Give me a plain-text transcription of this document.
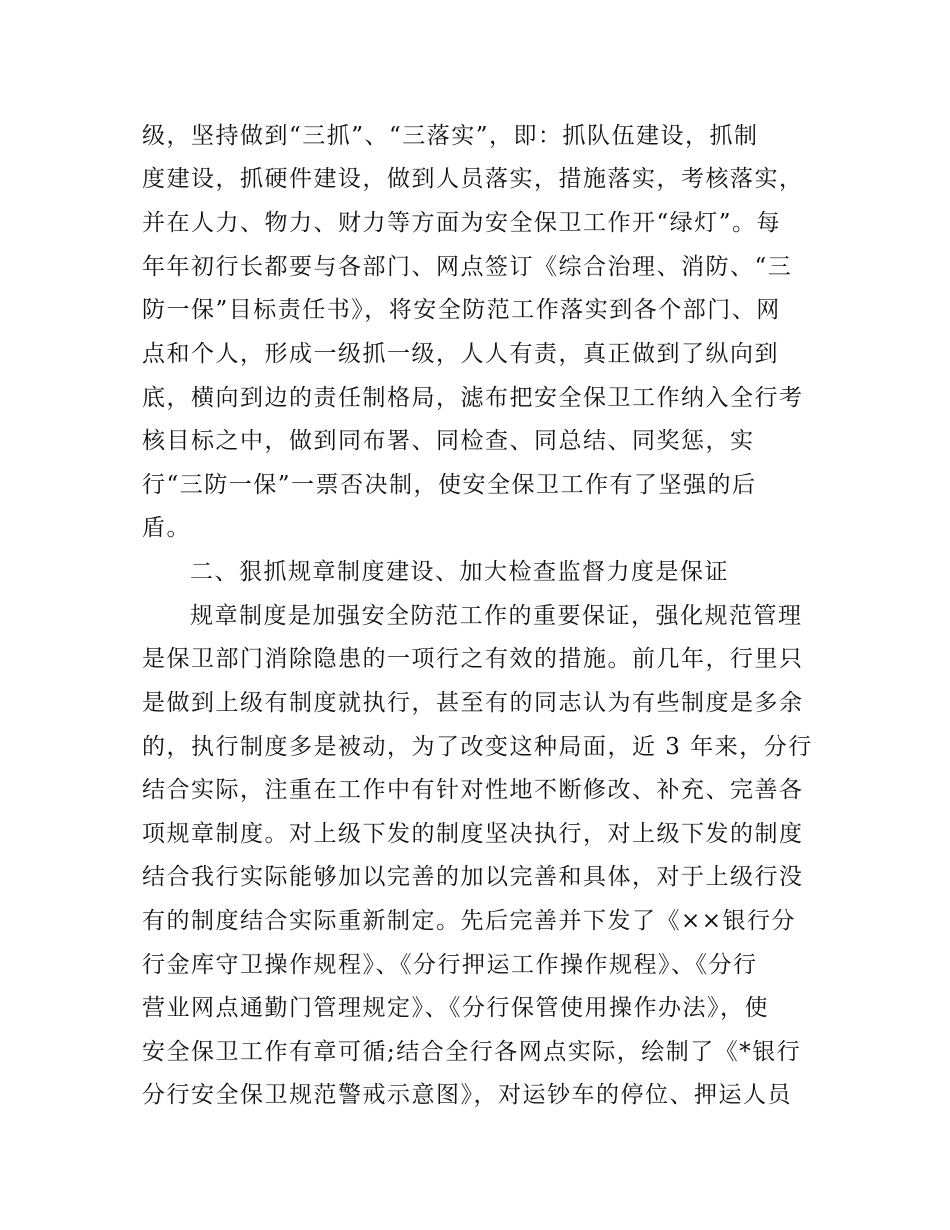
级，坚持做到“三抓”、“三落实”，即：抓队伍建设，抓制

度建设，抓硬件建设，做到人员落实，措施落实，考核落实，

并在人力、物力、财力等方面为安全保卫工作开“绿灯”。每

年年初行长都要与各部门、网点签订《综合治理、消防、“三

防一保”目标责任书》，将安全防范工作落实到各个部门、网

点和个人，形成一级抓一级，人人有责，真正做到了纵向到

底，横向到边的责任制格局，滤布把安全保卫工作纳入全行考

核目标之中，做到同布署、同检查、同总结、同奖惩，实

行“三防一保”一票否决制，使安全保卫工作有了坚强的后

盾。

二、狠抓规章制度建设、加大检查监督力度是保证

规章制度是加强安全防范工作的重要保证，强化规范管理

是保卫部门消除隐患的一项行之有效的措施。前几年，行里只

是做到上级有制度就执行，甚至有的同志认为有些制度是多余

的，执行制度多是被动，为了改变这种局面，近 3 年来，分行

结合实际，注重在工作中有针对性地不断修改、补充、完善各

项规章制度。对上级下发的制度坚决执行，对上级下发的制度

结合我行实际能够加以完善的加以完善和具体，对于上级行没

有的制度结合实际重新制定。先后完善并下发了《××银行分

行金库守卫操作规程》、《分行押运工作操作规程》、《分行

营业网点通勤门管理规定》、《分行保管使用操作办法》，使

安全保卫工作有章可循;结合全行各网点实际，绘制了《*银行

分行安全保卫规范警戒示意图》，对运钞车的停位、押运人员
